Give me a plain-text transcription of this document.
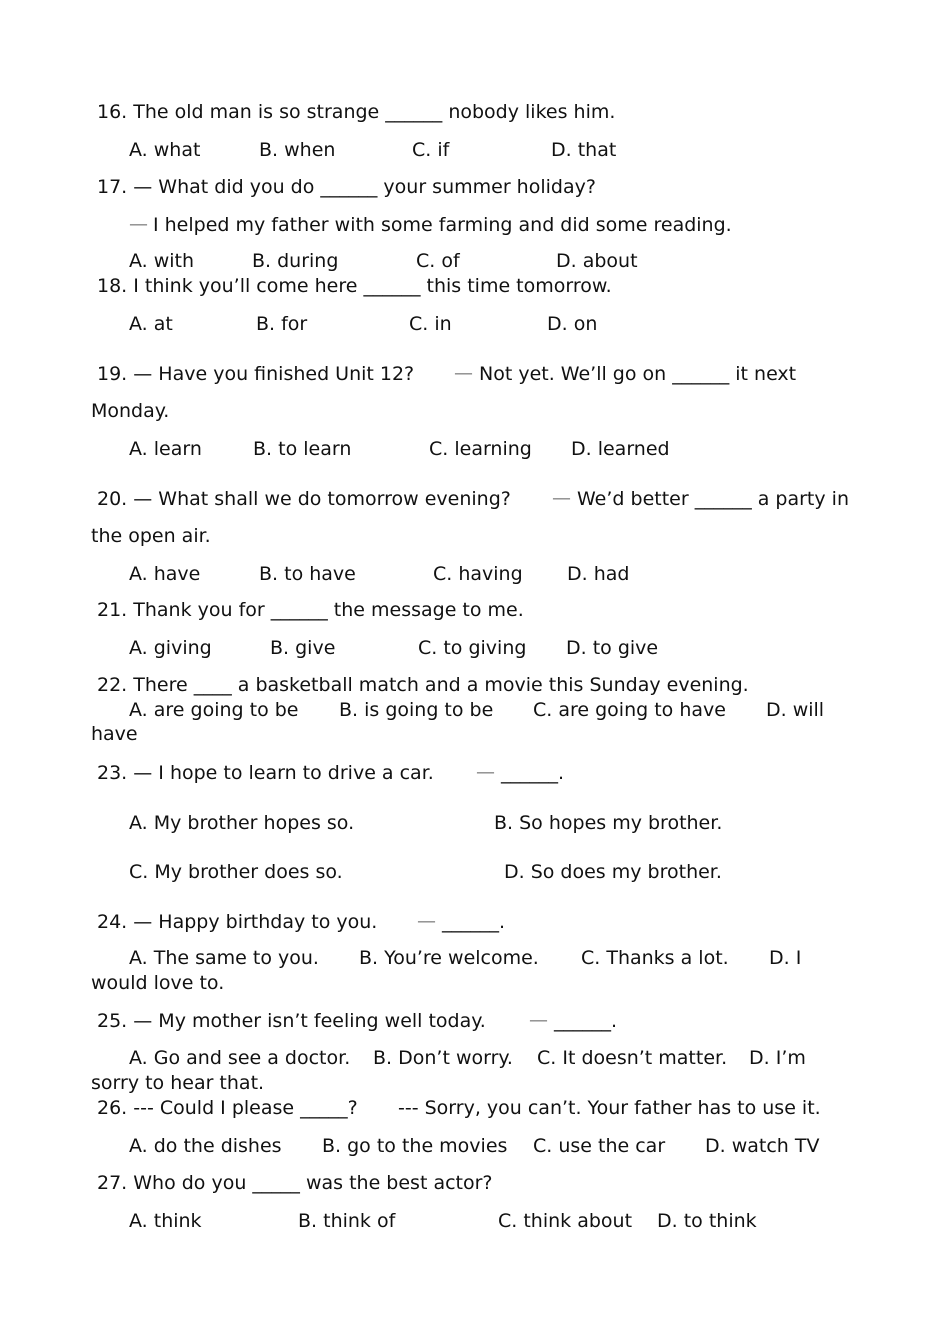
16. The old man is so strange ______ nobody likes him.
A. what	B. when	C. if	D. that
17. — What did you do ______ your summer holiday?
— I helped my father with some farming and did some reading.
A. with	B. during	C. of	D. about
18. I think you’ll come here ______ this time tomorrow.
A. at	B. for	C. in	D. on
19. — Have you finished Unit 12? — Not yet. We’ll go on ______ it next
Monday.
A. learn	B. to learn	C. learning D. learned
20. — What shall we do tomorrow evening? — We’d better ______ a party in
the open air.
A. have	B. to have	C. having D. had
21. Thank you for ______ the message to me.
A. giving	B. give	C. to giving D. to give
22. There ____ a basketball match and a movie this Sunday evening.
A. are going to be B. is going to be C. are going to have D. will
have
23. — I hope to learn to drive a car. — ______.
A. My brother hopes so.	B. So hopes my brother.
C. My brother does so.	D. So does my brother.
24. — Happy birthday to you. — ______.
A. The same to you. B. You’re welcome. C. Thanks a lot. D. I
would love to.
25. — My mother isn’t feeling well today. — ______.
A. Go and see a doctor. B. Don’t worry. C. It doesn’t matter. D. I’m
sorry to hear that.
26. --- Could I please _____? --- Sorry, you can’t. Your father has to use it.
A. do the dishes B. go to the movies C. use the car D. watch TV
27. Who do you _____ was the best actor?
A. think	B. think of	C. think about D. to think
